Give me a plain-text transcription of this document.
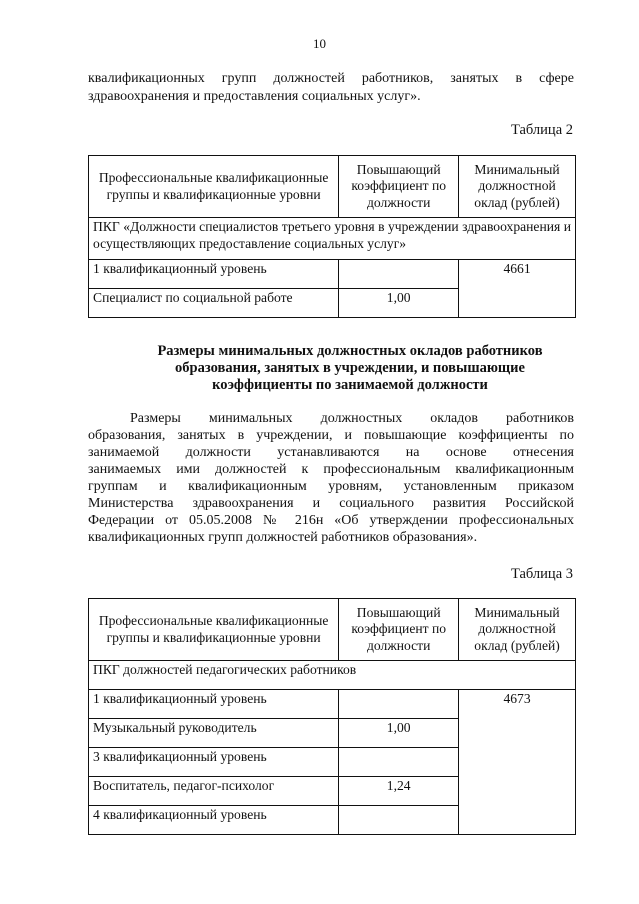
10
квалификационных групп должностей работников, занятых в сфере
здравоохранения и предоставления социальных услуг».
Таблица 2
Профессиональные квалификационные группы и квалификационные уровни	Повышающий коэффициент по должности	Минимальный должностной оклад (рублей)
ПКГ «Должности специалистов третьего уровня в учреждении здравоохранения и осуществляющих предоставление социальных услуг»		
1 квалификационный уровень		4661
Специалист по социальной работе	1,00	
Размеры минимальных должностных окладов работников
образования, занятых в учреждении, и повышающие
коэффициенты по занимаемой должности
Размеры минимальных должностных окладов работников
образования, занятых в учреждении, и повышающие коэффициенты по
занимаемой должности устанавливаются на основе отнесения
занимаемых ими должностей к профессиональным квалификационным
группам и квалификационным уровням, установленным приказом
Министерства здравоохранения и социального развития Российской
Федерации от 05.05.2008 № 216н «Об утверждении профессиональных
квалификационных групп должностей работников образования».
Таблица 3
Профессиональные квалификационные группы и квалификационные уровни	Повышающий коэффициент по должности	Минимальный должностной оклад (рублей)
ПКГ должностей педагогических работников		
1 квалификационный уровень		4673
Музыкальный руководитель	1,00	
3 квалификационный уровень		
Воспитатель, педагог-психолог	1,24	
4 квалификационный уровень		
